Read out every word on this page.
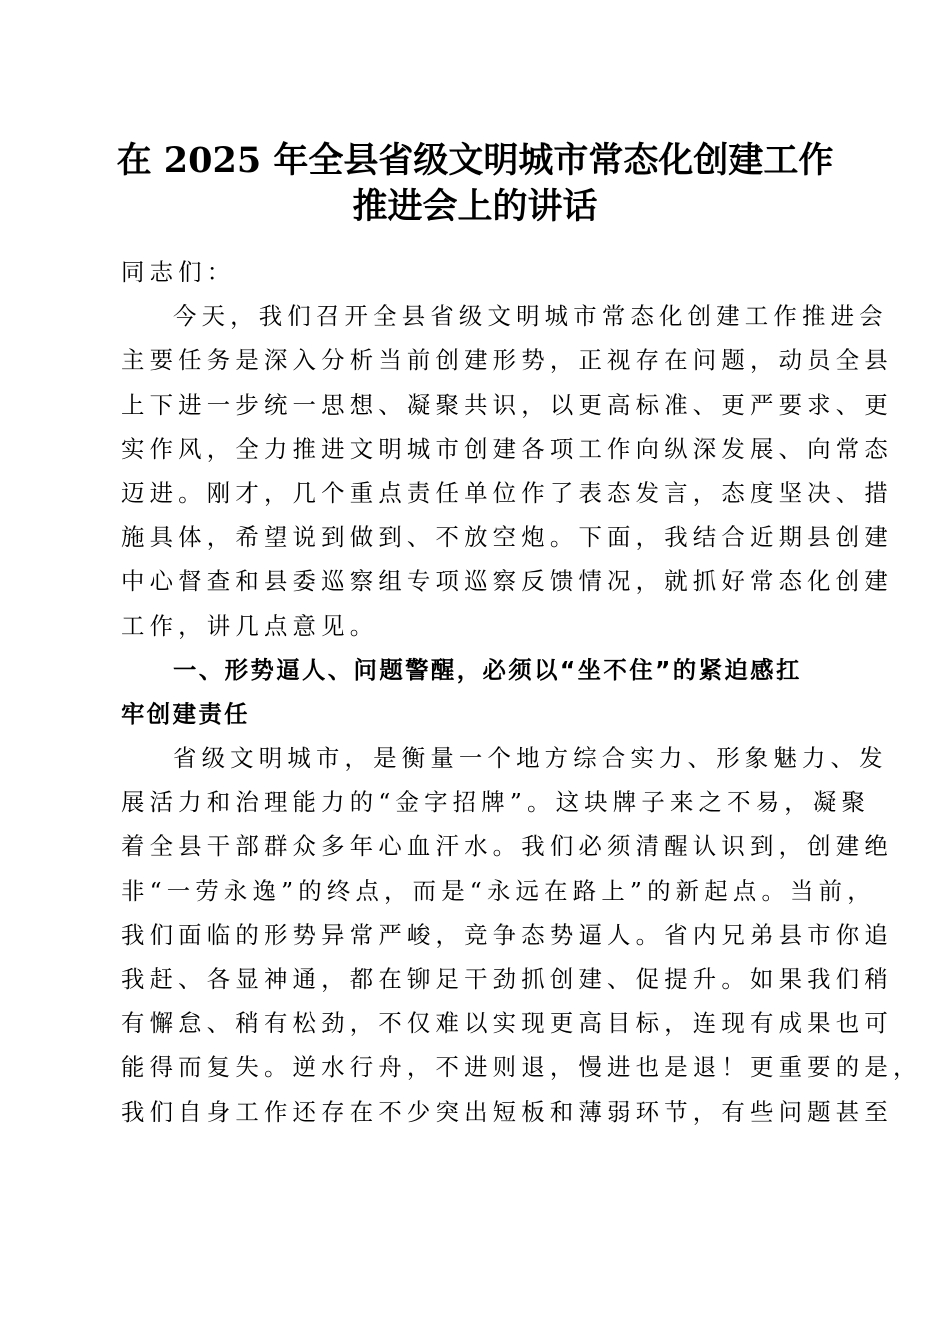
在 2025 年全县省级文明城市常态化创建工作
推进会上的讲话
同志们：
今天，我们召开全县省级文明城市常态化创建工作推进会
主要任务是深入分析当前创建形势，正视存在问题，动员全县
上下进一步统一思想、凝聚共识，以更高标准、更严要求、更
实作风，全力推进文明城市创建各项工作向纵深发展、向常态
迈进。刚才，几个重点责任单位作了表态发言，态度坚决、措
施具体，希望说到做到、不放空炮。下面，我结合近期县创建
中心督查和县委巡察组专项巡察反馈情况，就抓好常态化创建
工作，讲几点意见。
一、形势逼人、问题警醒，必须以“坐不住”的紧迫感扛
牢创建责任
省级文明城市，是衡量一个地方综合实力、形象魅力、发
展活力和治理能力的“金字招牌”。这块牌子来之不易，凝聚
着全县干部群众多年心血汗水。我们必须清醒认识到，创建绝
非“一劳永逸”的终点，而是“永远在路上”的新起点。当前，
我们面临的形势异常严峻，竞争态势逼人。省内兄弟县市你追
我赶、各显神通，都在铆足干劲抓创建、促提升。如果我们稍
有懈怠、稍有松劲，不仅难以实现更高目标，连现有成果也可
能得而复失。逆水行舟，不进则退，慢进也是退！更重要的是，
我们自身工作还存在不少突出短板和薄弱环节，有些问题甚至
